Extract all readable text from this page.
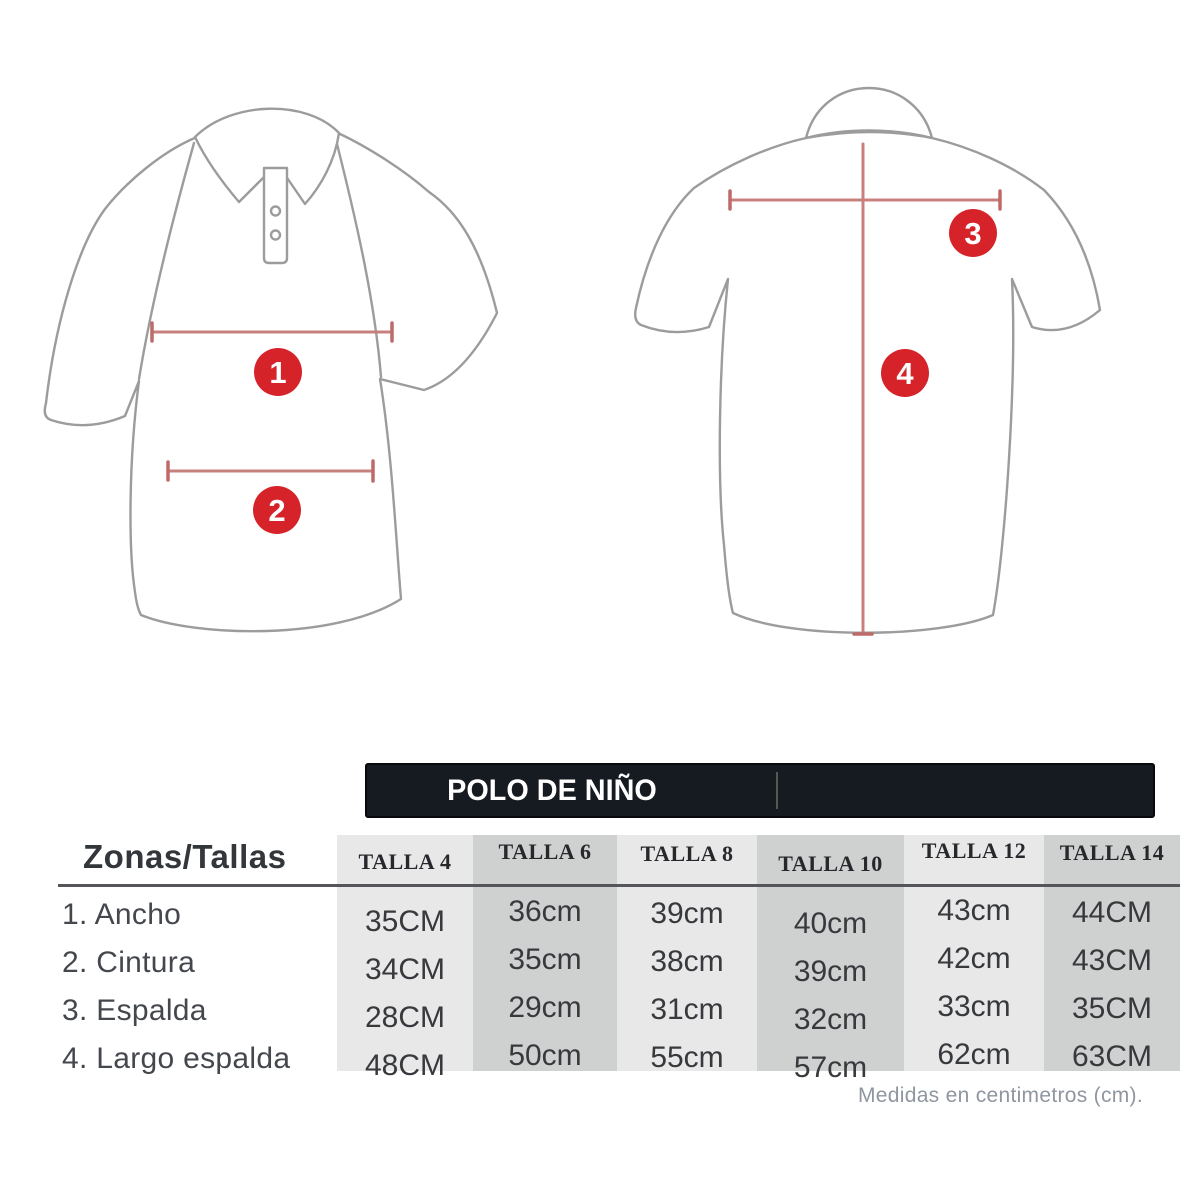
1
2
3
4
POLO DE NIÑO
Zonas/Tallas
1. Ancho
2. Cintura
3. Espalda
4. Largo espalda
TALLA 4
35CM
34CM
28CM
48CM
TALLA 6
36cm
35cm
29cm
50cm
TALLA 8
39cm
38cm
31cm
55cm
TALLA 10
40cm
39cm
32cm
57cm
TALLA 12
43cm
42cm
33cm
62cm
TALLA 14
44CM
43CM
35CM
63CM
Medidas en centimetros (cm).
